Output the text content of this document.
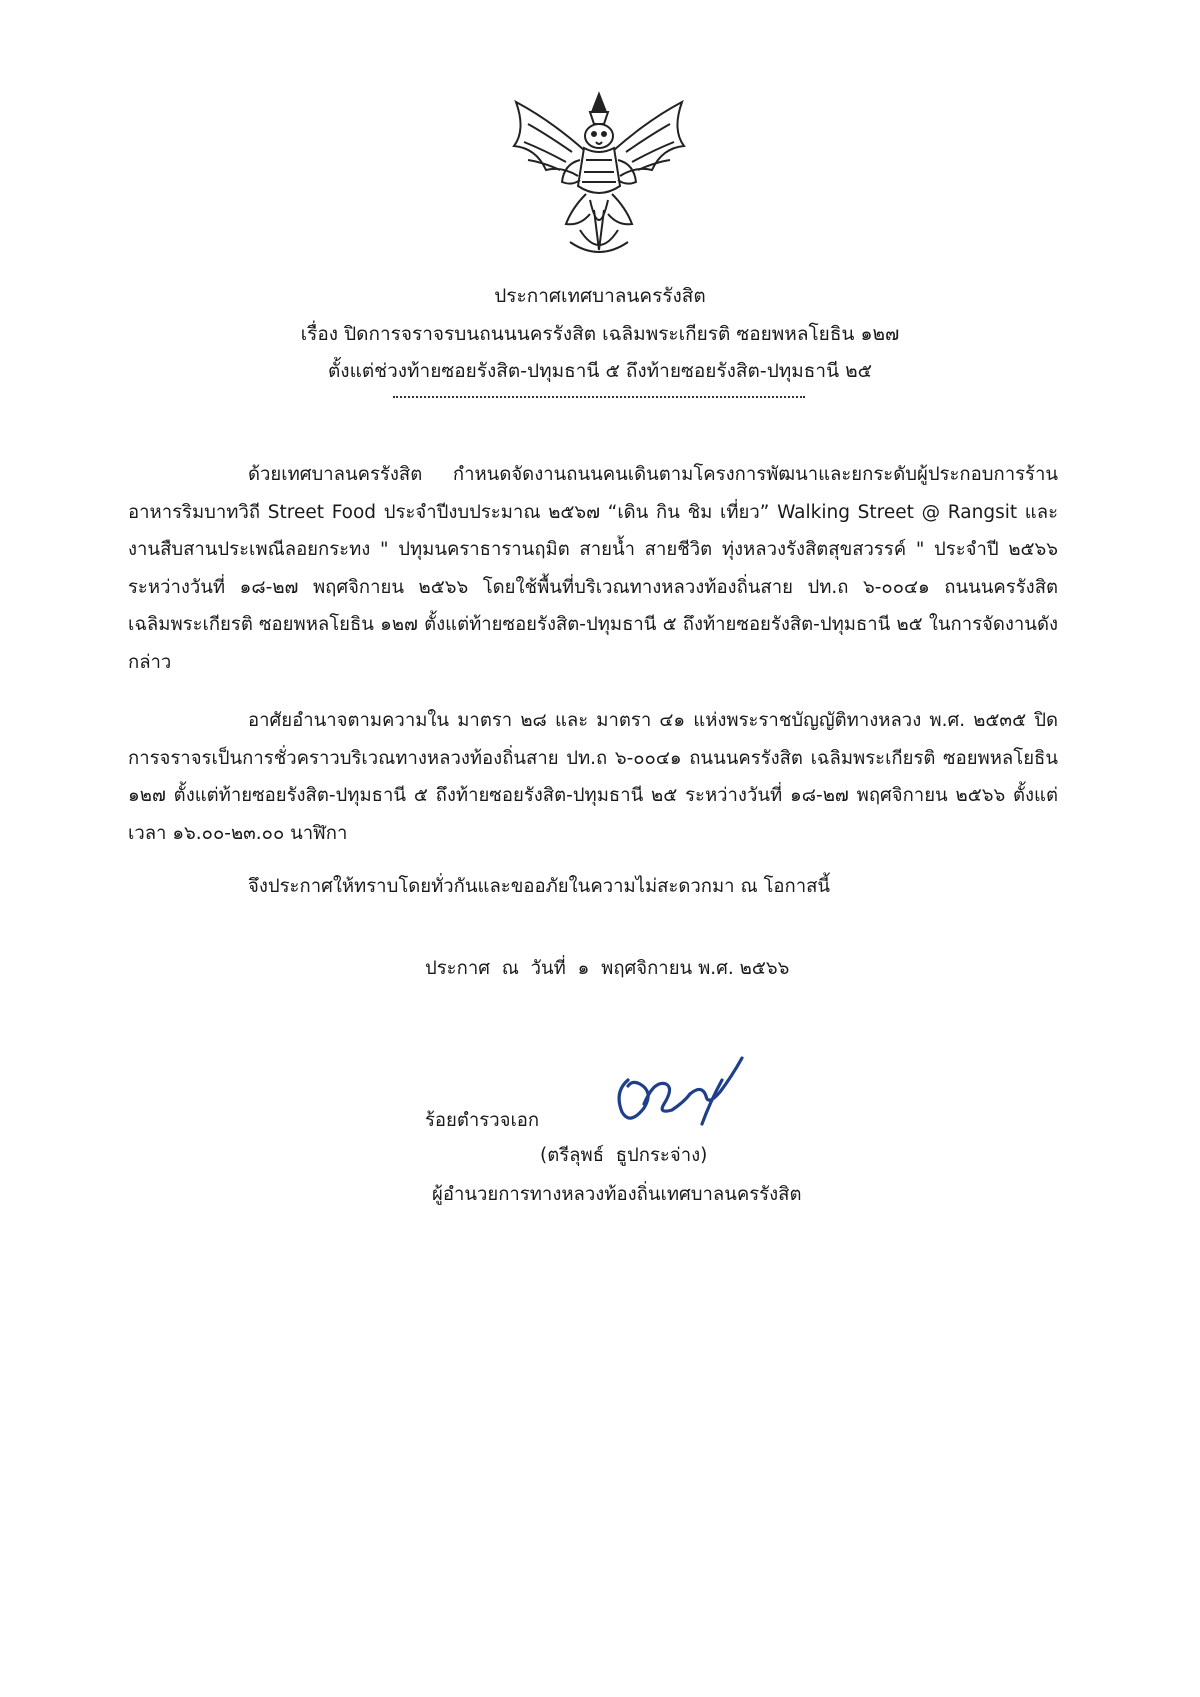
ประกาศเทศบาลนครรังสิต
เรื่อง ปิดการจราจรบนถนนนครรังสิต เฉลิมพระเกียรติ ซอยพหลโยธิน ๑๒๗
ตั้งแต่ช่วงท้ายซอยรังสิต-ปทุมธานี ๕ ถึงท้ายซอยรังสิต-ปทุมธานี ๒๕
ด้วยเทศบาลนครรังสิต กำหนดจัดงานถนนคนเดินตามโครงการพัฒนาและยกระดับผู้ประกอบการร้านอาหารริมบาทวิถี Street Food ประจำปีงบประมาณ ๒๕๖๗ “เดิน กิน ชิม เที่ยว” Walking Street @ Rangsit และงานสืบสานประเพณีลอยกระทง " ปทุมนคราธารานฤมิต สายน้ำ สายชีวิต ทุ่งหลวงรังสิตสุขสวรรค์ " ประจำปี ๒๕๖๖ ระหว่างวันที่ ๑๘-๒๗ พฤศจิกายน ๒๕๖๖ โดยใช้พื้นที่บริเวณทางหลวงท้องถิ่นสาย ปท.ถ ๖-๐๐๔๑ ถนนนครรังสิต เฉลิมพระเกียรติ ซอยพหลโยธิน ๑๒๗ ตั้งแต่ท้ายซอยรังสิต-ปทุมธานี ๕ ถึงท้ายซอยรังสิต-ปทุมธานี ๒๕ ในการจัดงานดังกล่าว
อาศัยอำนาจตามความใน มาตรา ๒๘ และ มาตรา ๔๑ แห่งพระราชบัญญัติทางหลวง พ.ศ. ๒๕๓๕ ปิดการจราจรเป็นการชั่วคราวบริเวณทางหลวงท้องถิ่นสาย ปท.ถ ๖-๐๐๔๑ ถนนนครรังสิต เฉลิมพระเกียรติ ซอยพหลโยธิน ๑๒๗ ตั้งแต่ท้ายซอยรังสิต-ปทุมธานี ๕ ถึงท้ายซอยรังสิต-ปทุมธานี ๒๕ ระหว่างวันที่ ๑๘-๒๗ พฤศจิกายน ๒๕๖๖ ตั้งแต่เวลา ๑๖.๐๐-๒๓.๐๐ นาฬิกา
จึงประกาศให้ทราบโดยทั่วกันและขออภัยในความไม่สะดวกมา ณ โอกาสนี้
ประกาศ  ณ  วันที่  ๑  พฤศจิกายน พ.ศ. ๒๕๖๖
ร้อยตำรวจเอก
(ตรีลุพธ์  ธูปกระจ่าง)
ผู้อำนวยการทางหลวงท้องถิ่นเทศบาลนครรังสิต
